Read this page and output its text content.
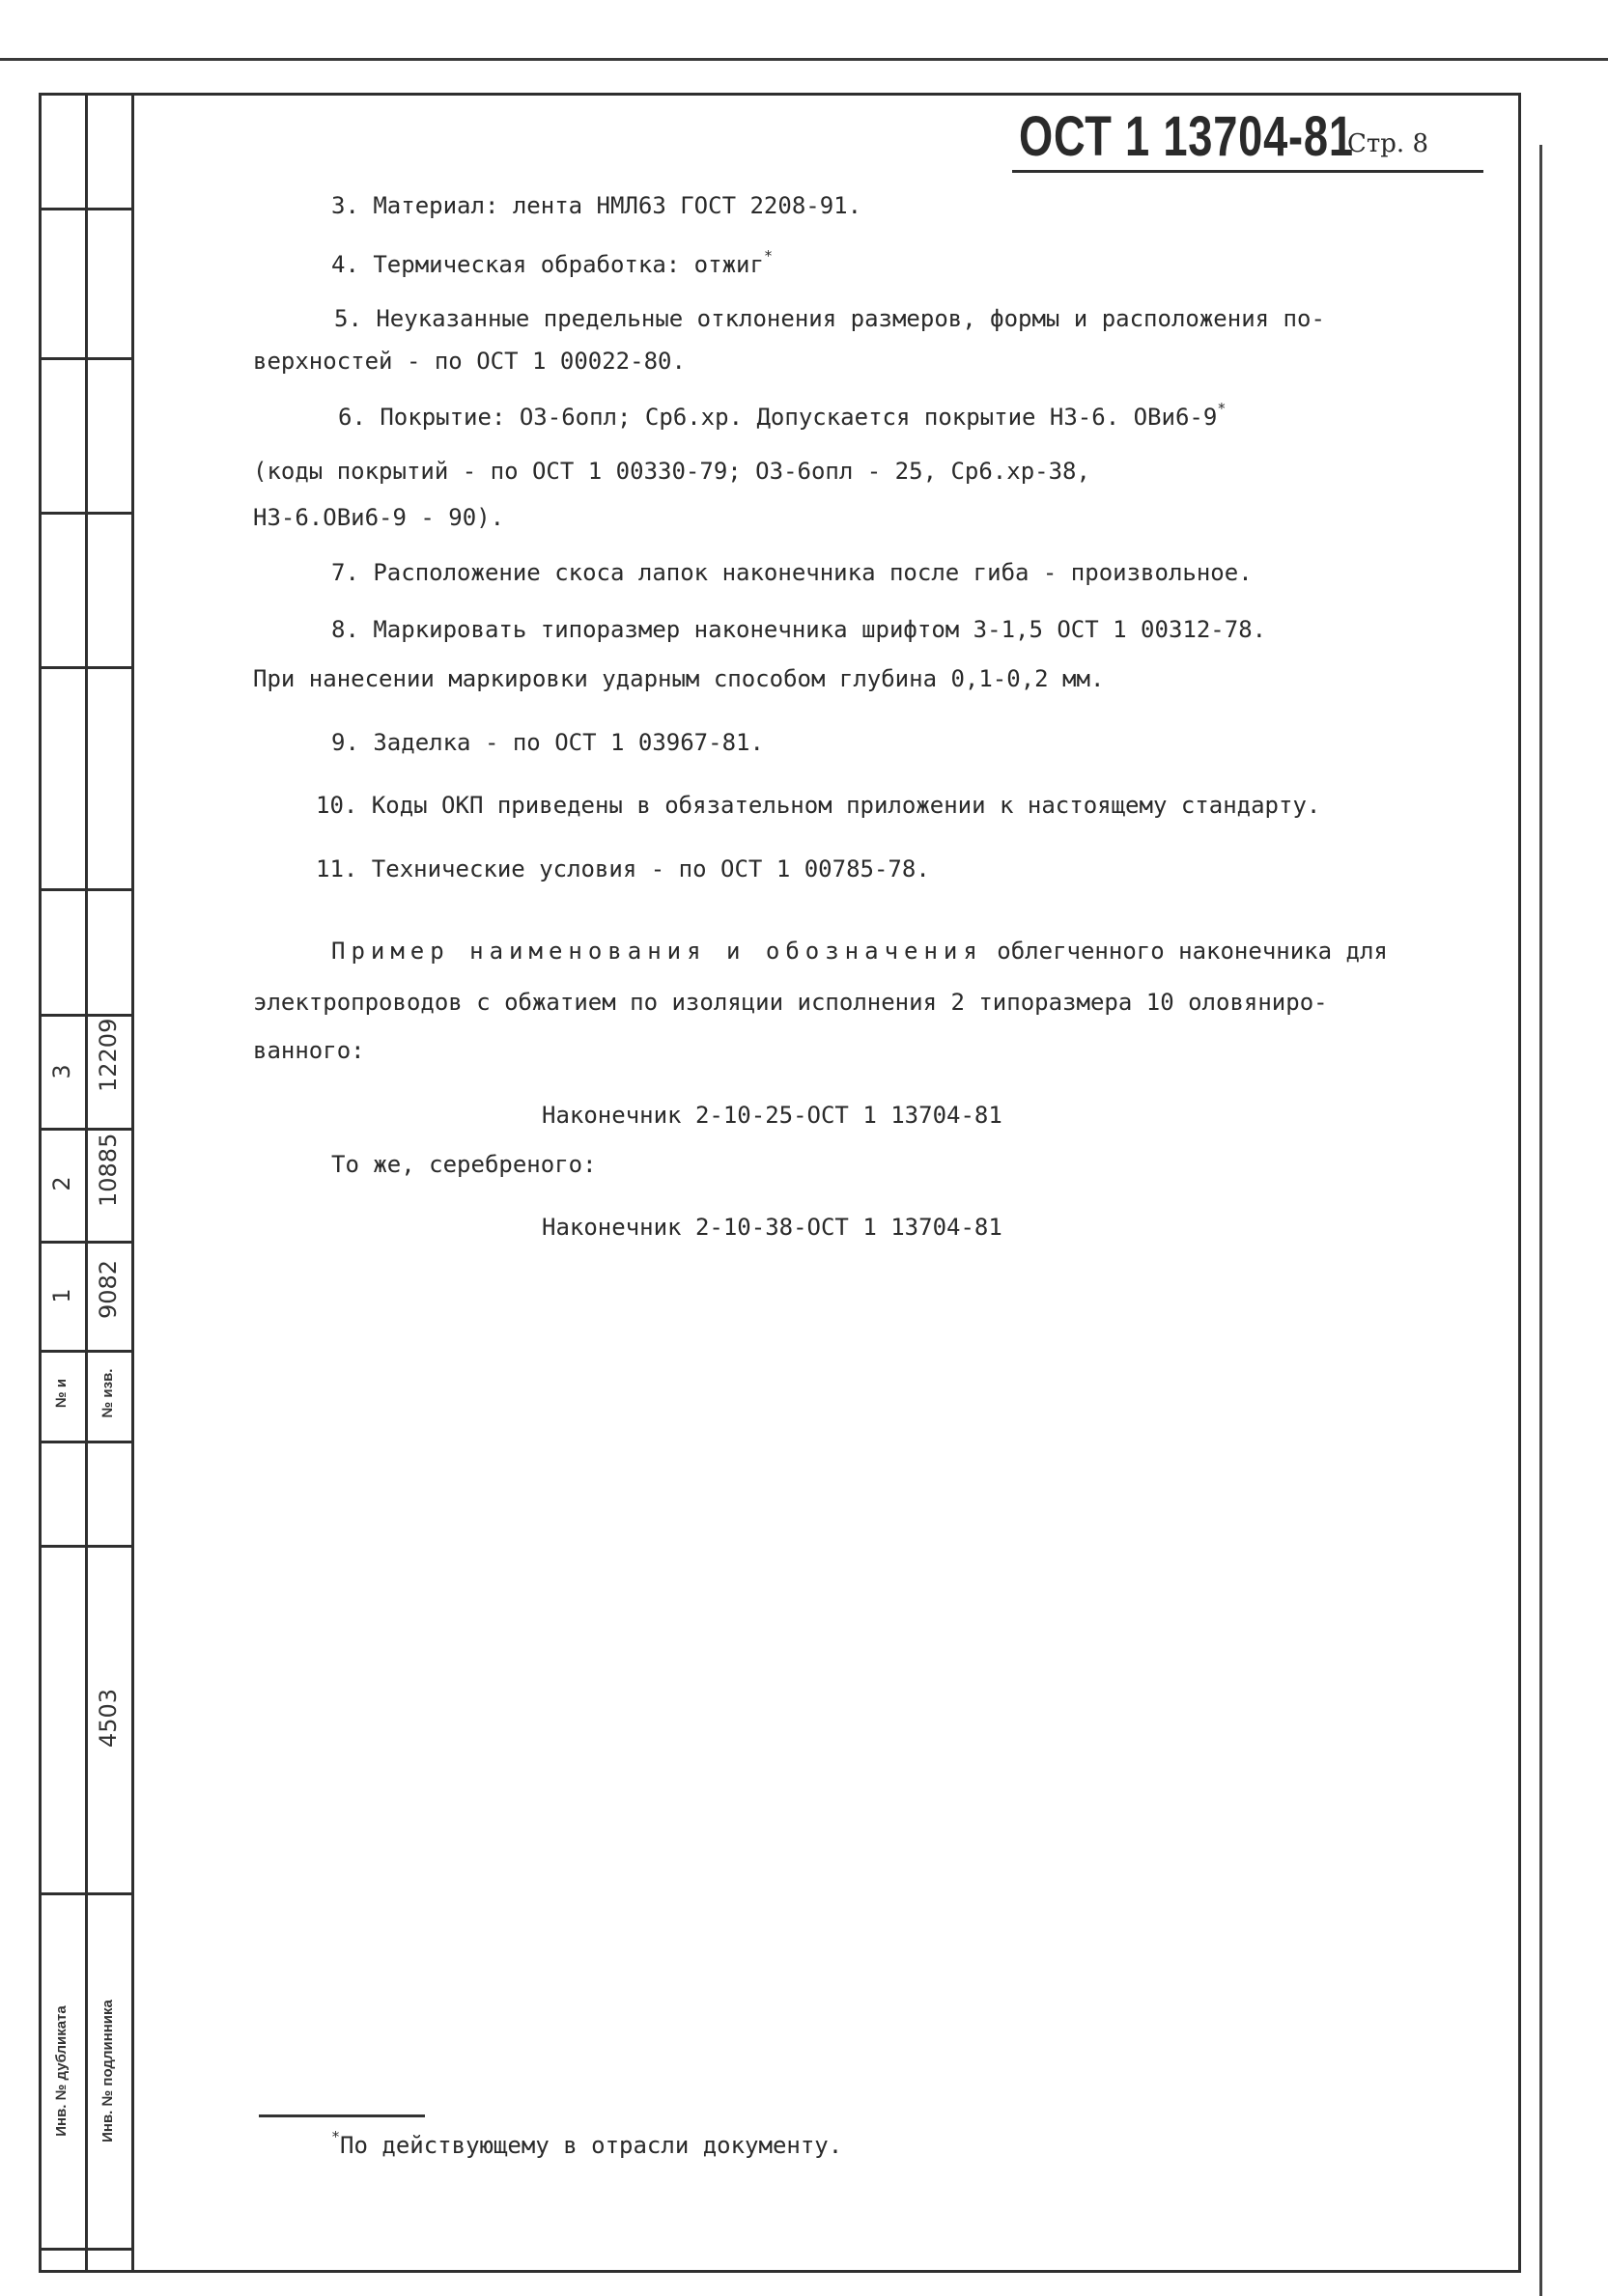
3 12209
2 10885
1 9082
№ и	№ изв.
4503
Инв. № дубликата	Инв. № подлинника
ОСТ 1 13704-81
Стр. 8
3. Материал: лента НМЛ63 ГОСТ 2208-91.
4. Термическая обработка: отжиг*
5. Неуказанные предельные отклонения размеров, формы и расположения по-
верхностей - по ОСТ 1 00022-80.
6. Покрытие: О3-6опл; Ср6.хр. Допускается покрытие Н3-6. ОВи6-9*
(коды покрытий - по ОСТ 1 00330-79; О3-6опл - 25, Ср6.хр-38,
Н3-6.ОВи6-9 - 90).
7. Расположение скоса лапок наконечника после гиба - произвольное.
8. Маркировать типоразмер наконечника шрифтом 3-1,5 ОСТ 1 00312-78.
При нанесении маркировки ударным способом глубина 0,1-0,2 мм.
9. Заделка - по ОСТ 1 03967-81.
10. Коды ОКП приведены в обязательном приложении к настоящему стандарту.
11. Технические условия - по ОСТ 1 00785-78.
Пример наименования и обозначения облегченного наконечника для
электропроводов с обжатием по изоляции исполнения 2 типоразмера 10 оловяниро-
ванного:
Наконечник 2-10-25-ОСТ 1 13704-81
То же, серебреного:
Наконечник 2-10-38-ОСТ 1 13704-81
*По действующему в отрасли документу.
